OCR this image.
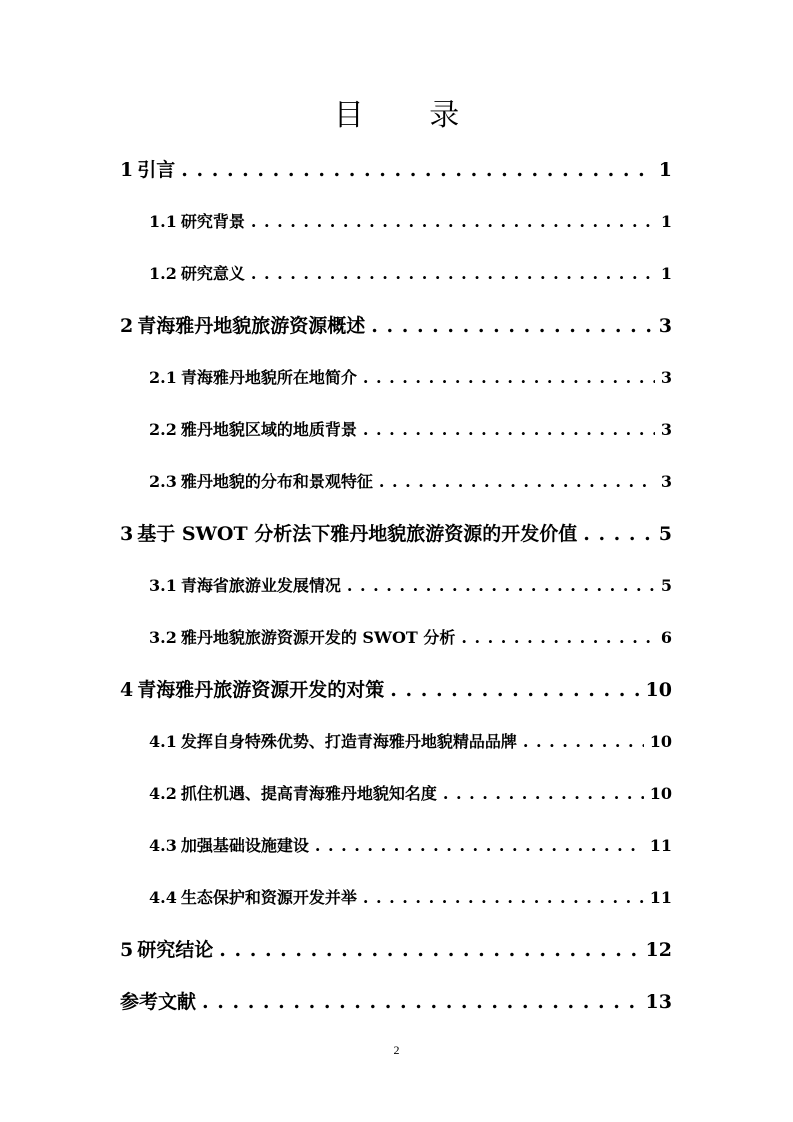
目 录
1 引言 . . .	1
1.1 研究背景 . . .	1
1.2 研究意义 . . .	1
2 青海雅丹地貌旅游资源概述 . . .	3
2.1 青海雅丹地貌所在地简介 . . .	3
2.2 雅丹地貌区域的地质背景 . . .	3
2.3 雅丹地貌的分布和景观特征 . . .	3
3 基于 SWOT 分析法下雅丹地貌旅游资源的开发价值 . . .	5
3.1 青海省旅游业发展情况 . . .	5
3.2 雅丹地貌旅游资源开发的 SWOT 分析 . . .	6
4 青海雅丹旅游资源开发的对策 . . .	10
4.1 发挥自身特殊优势、打造青海雅丹地貌精品品牌 . . .	10
4.2 抓住机遇、提高青海雅丹地貌知名度 . . .	10
4.3 加强基础设施建设 . . .	11
4.4 生态保护和资源开发并举 . . .	11
5 研究结论 . . .	12
参考文献 . . .	13
2
